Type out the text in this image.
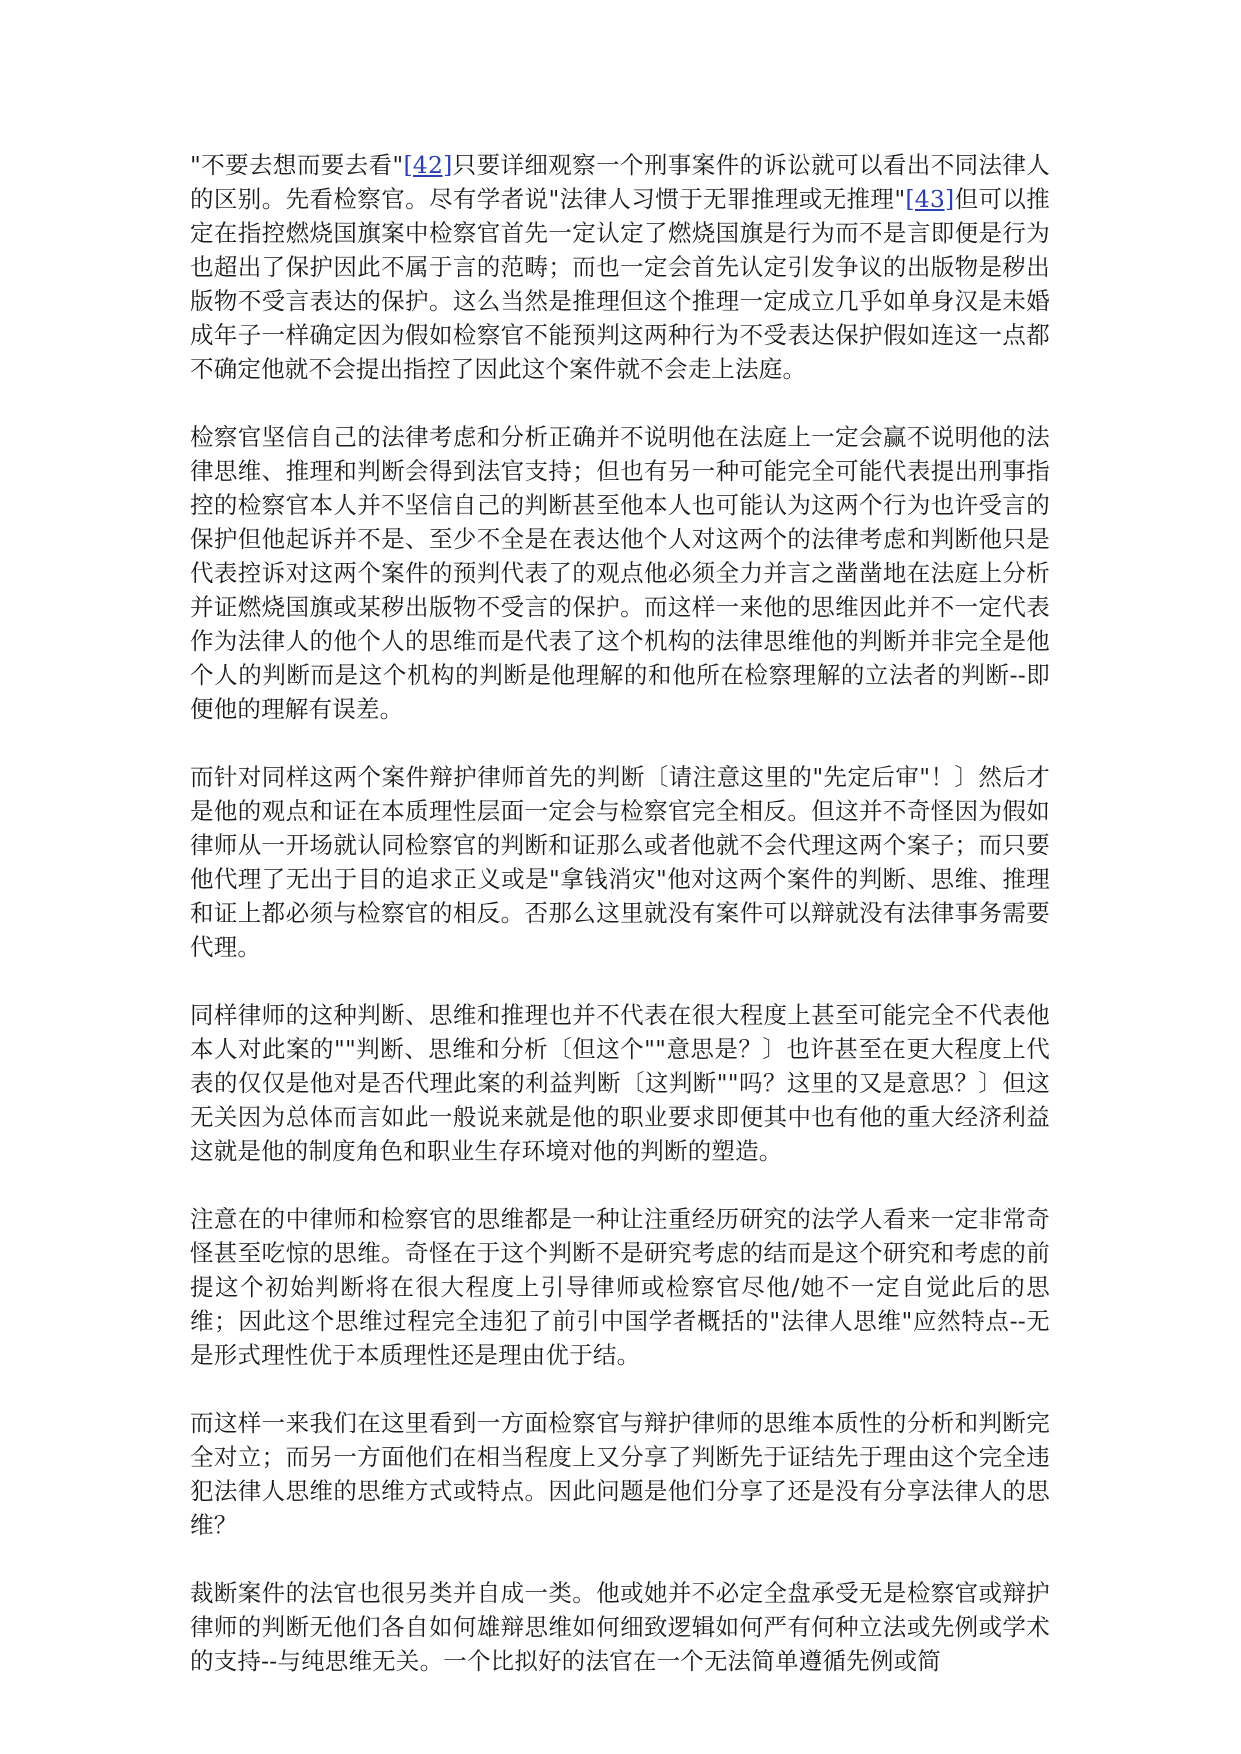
"不要去想而要去看"[42]只要详细观察一个刑事案件的诉讼就可以看出不同法律人的区别。先看检察官。尽有学者说"法律人习惯于无罪推理或无推理"[43]但可以推定在指控燃烧国旗案中检察官首先一定认定了燃烧国旗是行为而不是言即便是行为也超出了保护因此不属于言的范畴；而也一定会首先认定引发争议的出版物是秽出版物不受言表达的保护。这么当然是推理但这个推理一定成立几乎如单身汉是未婚成年子一样确定因为假如检察官不能预判这两种行为不受表达保护假如连这一点都不确定他就不会提出指控了因此这个案件就不会走上法庭。

检察官坚信自己的法律考虑和分析正确并不说明他在法庭上一定会赢不说明他的法律思维、推理和判断会得到法官支持；但也有另一种可能完全可能代表提出刑事指控的检察官本人并不坚信自己的判断甚至他本人也可能认为这两个行为也许受言的保护但他起诉并不是、至少不全是在表达他个人对这两个的法律考虑和判断他只是代表控诉对这两个案件的预判代表了的观点他必须全力并言之凿凿地在法庭上分析并证燃烧国旗或某秽出版物不受言的保护。而这样一来他的思维因此并不一定代表作为法律人的他个人的思维而是代表了这个机构的法律思维他的判断并非完全是他个人的判断而是这个机构的判断是他理解的和他所在检察理解的立法者的判断--即便他的理解有误差。

而针对同样这两个案件辩护律师首先的判断〔请注意这里的"先定后审"！〕然后才是他的观点和证在本质理性层面一定会与检察官完全相反。但这并不奇怪因为假如律师从一开场就认同检察官的判断和证那么或者他就不会代理这两个案子；而只要他代理了无出于目的追求正义或是"拿钱消灾"他对这两个案件的判断、思维、推理和证上都必须与检察官的相反。否那么这里就没有案件可以辩就没有法律事务需要代理。

同样律师的这种判断、思维和推理也并不代表在很大程度上甚至可能完全不代表他本人对此案的""判断、思维和分析〔但这个""意思是？〕也许甚至在更大程度上代表的仅仅是他对是否代理此案的利益判断〔这判断""吗？这里的又是意思？〕但这无关因为总体而言如此一般说来就是他的职业要求即便其中也有他的重大经济利益这就是他的制度角色和职业生存环境对他的判断的塑造。

注意在的中律师和检察官的思维都是一种让注重经历研究的法学人看来一定非常奇怪甚至吃惊的思维。奇怪在于这个判断不是研究考虑的结而是这个研究和考虑的前提这个初始判断将在很大程度上引导律师或检察官尽他/她不一定自觉此后的思维；因此这个思维过程完全违犯了前引中国学者概括的"法律人思维"应然特点--无是形式理性优于本质理性还是理由优于结。

而这样一来我们在这里看到一方面检察官与辩护律师的思维本质性的分析和判断完全对立；而另一方面他们在相当程度上又分享了判断先于证结先于理由这个完全违犯法律人思维的思维方式或特点。因此问题是他们分享了还是没有分享法律人的思维？

裁断案件的法官也很另类并自成一类。他或她并不必定全盘承受无是检察官或辩护律师的判断无他们各自如何雄辩思维如何细致逻辑如何严有何种立法或先例或学术的支持--与纯思维无关。一个比拟好的法官在一个无法简单遵循先例或简
